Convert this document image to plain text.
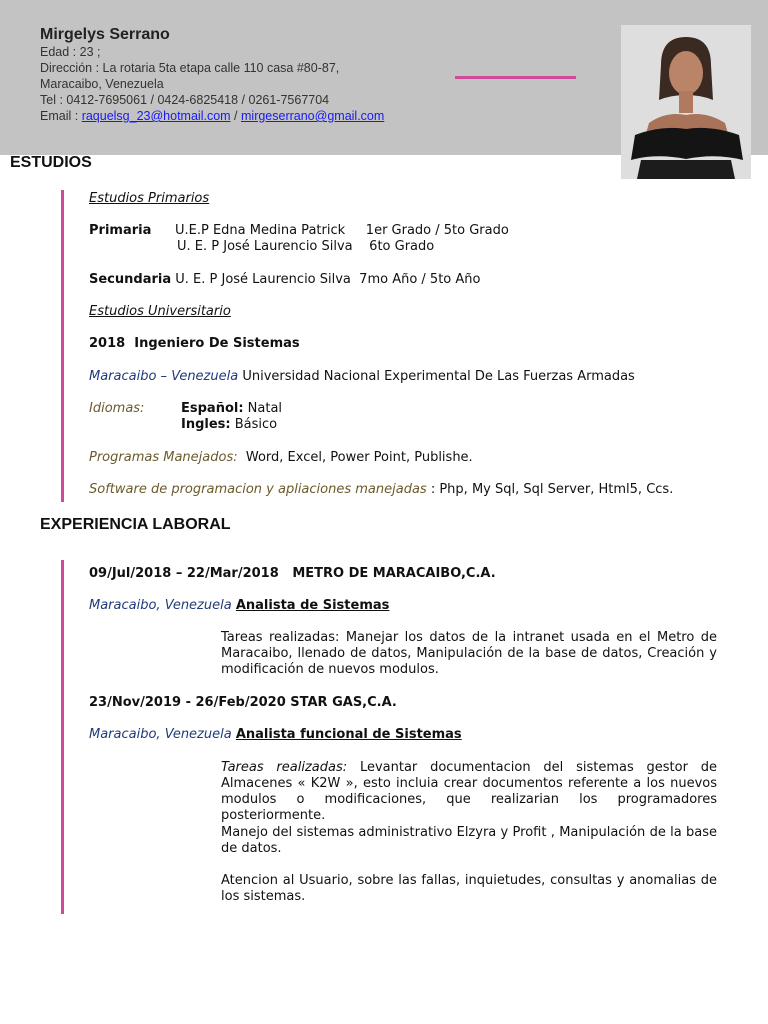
Mirgelys Serrano
Edad : 23 ;
Dirección : La rotaria 5ta etapa calle 110 casa #80-87,
Maracaibo, Venezuela
Tel : 0412-7695061 / 0424-6825418 / 0261-7567704
Email : raquelsg_23@hotmail.com / mirgeserrano@gmail.com
ESTUDIOS
Estudios Primarios
Primaria U.E.P Edna Medina Patrick     1er Grado / 5to Grado
U. E. P José Laurencio Silva    6to Grado
Secundaria U. E. P José Laurencio Silva  7mo Año / 5to Año
Estudios Universitario
2018  Ingeniero De Sistemas
Maracaibo – Venezuela Universidad Nacional Experimental De Las Fuerzas Armadas
Idiomas:	Español: Natal
Ingles: Básico
Programas Manejados:  Word, Excel, Power Point, Publishe.
Software de programacion y apliaciones manejadas : Php, My Sql, Sql Server, Html5, Ccs.
EXPERIENCIA LABORAL
09/Jul/2018 – 22/Mar/2018   METRO DE MARACAIBO,C.A.
Maracaibo, Venezuela Analista de Sistemas
Tareas realizadas: Manejar los datos de la intranet usada en el Metro de Maracaibo, llenado de datos, Manipulación de la base de datos, Creación y modificación de nuevos modulos.
23/Nov/2019 - 26/Feb/2020 STAR GAS,C.A.
Maracaibo, Venezuela Analista funcional de Sistemas
Tareas realizadas: Levantar documentacion del sistemas gestor de Almacenes « K2W », esto incluia crear documentos referente a los nuevos modulos o modificaciones, que realizarian los programadores posteriormente.
Manejo del sistemas administrativo Elzyra y Profit , Manipulación de la base de datos.
Atencion al Usuario, sobre las fallas, inquietudes, consultas y anomalias de los sistemas.
